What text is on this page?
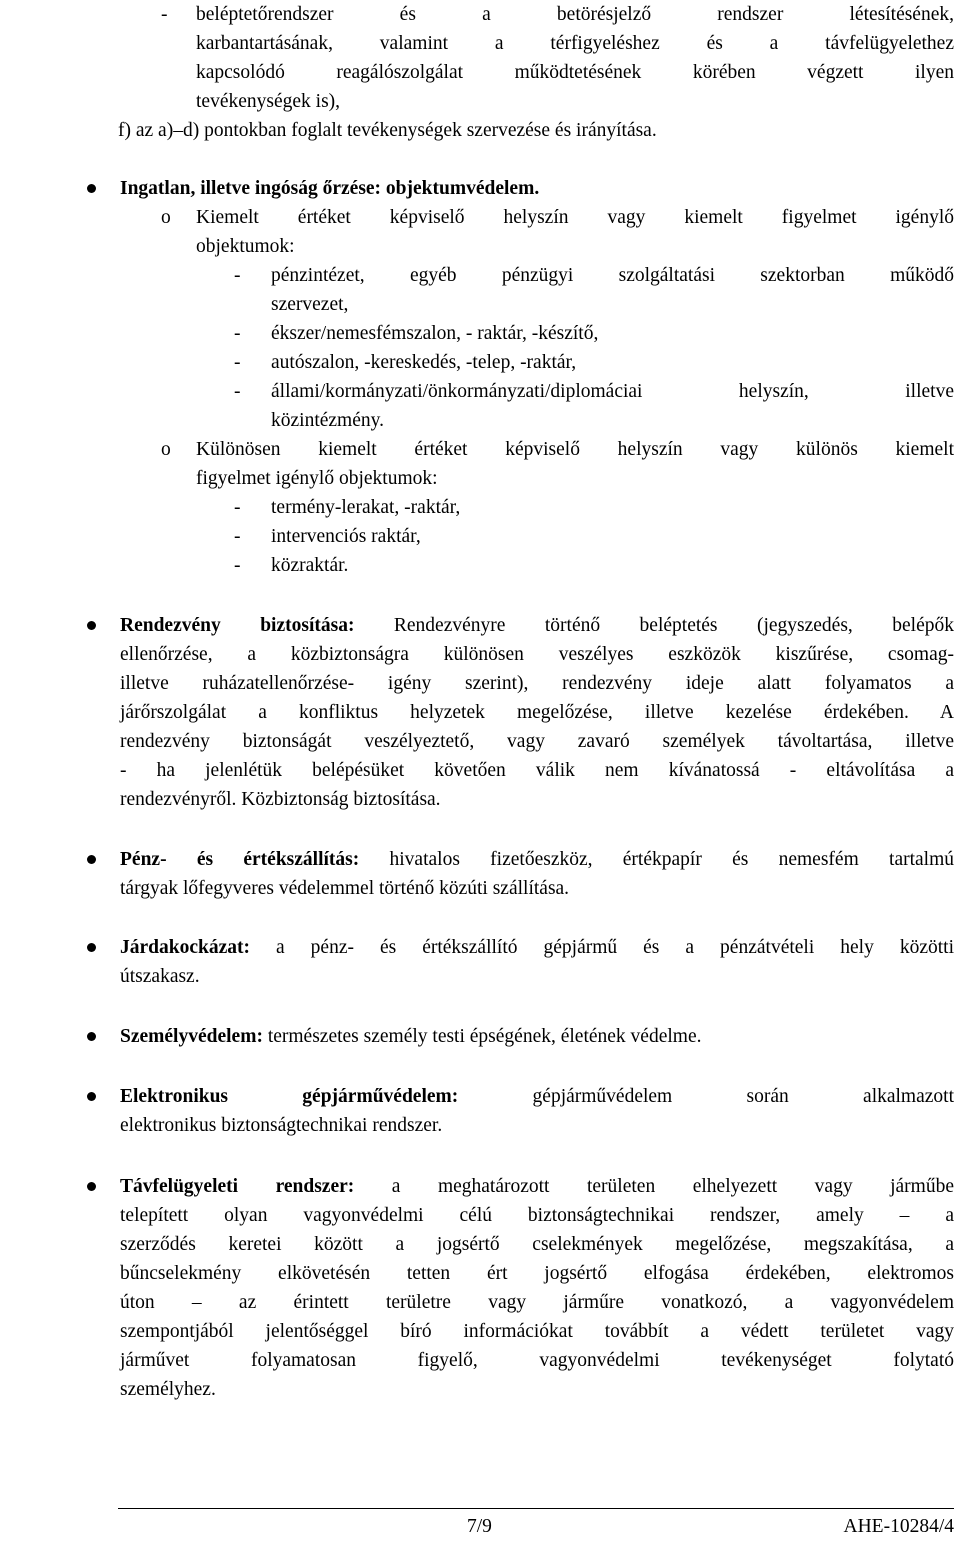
- beléptetőrendszer és a betörésjelző rendszer létesítésének,
karbantartásának, valamint a térfigyeléshez és a távfelügyelethez
kapcsolódó reagálószolgálat működtetésének körében végzett ilyen
tevékenységek is),
f) az a)–d) pontokban foglalt tevékenységek szervezése és irányítása.
Ingatlan, illetve ingóság őrzése: objektumvédelem.
o Kiemelt értéket képviselő helyszín vagy kiemelt figyelmet igénylő
objektumok:
- pénzintézet, egyéb pénzügyi szolgáltatási szektorban működő
szervezet,
- ékszer/nemesfémszalon, - raktár, -készítő,
- autószalon, -kereskedés, -telep, -raktár,
- állami/kormányzati/önkormányzati/diplomáciai helyszín, illetve
közintézmény.
o Különösen kiemelt értéket képviselő helyszín vagy különös kiemelt
figyelmet igénylő objektumok:
- termény-lerakat, -raktár,
- intervenciós raktár,
- közraktár.
Rendezvény biztosítása: Rendezvényre történő beléptetés (jegyszedés, belépők
ellenőrzése, a közbiztonságra különösen veszélyes eszközök kiszűrése, csomag-
illetve ruházatellenőrzése- igény szerint), rendezvény ideje alatt folyamatos a
járőrszolgálat a konfliktus helyzetek megelőzése, illetve kezelése érdekében. A
rendezvény biztonságát veszélyeztető, vagy zavaró személyek távoltartása, illetve
- ha jelenlétük belépésüket követően válik nem kívánatossá - eltávolítása a
rendezvényről. Közbiztonság biztosítása.
Pénz- és értékszállítás: hivatalos fizetőeszköz, értékpapír és nemesfém tartalmú
tárgyak lőfegyveres védelemmel történő közúti szállítása.
Járdakockázat: a pénz- és értékszállító gépjármű és a pénzátvételi hely közötti
útszakasz.
Személyvédelem: természetes személy testi épségének, életének védelme.
Elektronikus gépjárművédelem: gépjárművédelem során alkalmazott
elektronikus biztonságtechnikai rendszer.
Távfelügyeleti rendszer: a meghatározott területen elhelyezett vagy járműbe
telepített olyan vagyonvédelmi célú biztonságtechnikai rendszer, amely – a
szerződés keretei között a jogsértő cselekmények megelőzése, megszakítása, a
bűncselekmény elkövetésén tetten ért jogsértő elfogása érdekében, elektromos
úton – az érintett területre vagy járműre vonatkozó, a vagyonvédelem
szempontjából jelentőséggel bíró információkat továbbít a védett területet vagy
járművet folyamatosan figyelő, vagyonvédelmi tevékenységet folytató
személyhez.
7/9	AHE-10284/4
